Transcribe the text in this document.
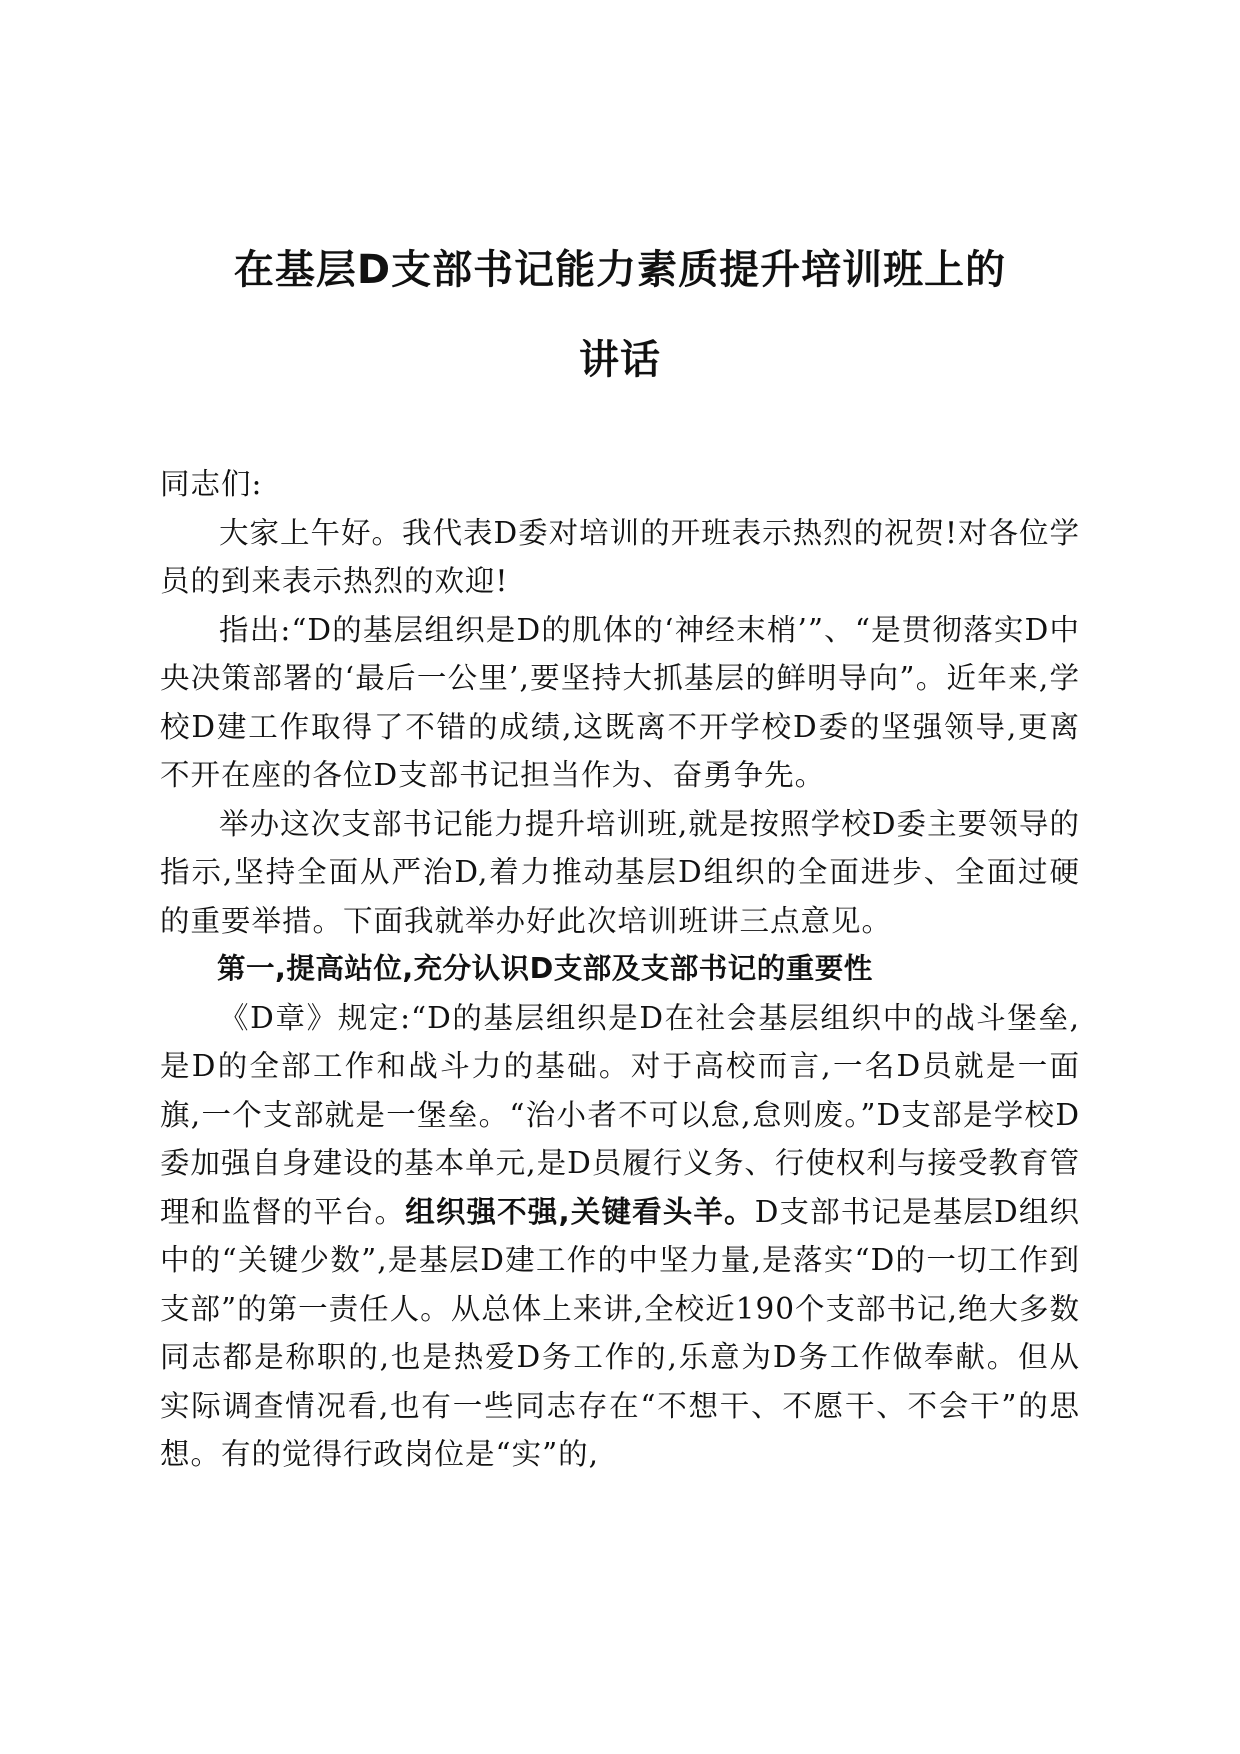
在基层D支部书记能力素质提升培训班上的
讲话

同志们:

大家上午好。我代表D委对培训的开班表示热烈的祝贺!对各位学员的到来表示热烈的欢迎!

指出:“D的基层组织是D的肌体的‘神经末梢’”、“是贯彻落实D中央决策部署的‘最后一公里’,要坚持大抓基层的鲜明导向”。近年来,学校D建工作取得了不错的成绩,这既离不开学校D委的坚强领导,更离不开在座的各位D支部书记担当作为、奋勇争先。

举办这次支部书记能力提升培训班,就是按照学校D委主要领导的指示,坚持全面从严治D,着力推动基层D组织的全面进步、全面过硬的重要举措。下面我就举办好此次培训班讲三点意见。

第一,提高站位,充分认识D支部及支部书记的重要性

《D章》规定:“D的基层组织是D在社会基层组织中的战斗堡垒,是D的全部工作和战斗力的基础。对于高校而言,一名D员就是一面旗,一个支部就是一堡垒。“治小者不可以怠,怠则废。”D支部是学校D委加强自身建设的基本单元,是D员履行义务、行使权利与接受教育管理和监督的平台。组织强不强,关键看头羊。D支部书记是基层D组织中的“关键少数”,是基层D建工作的中坚力量,是落实“D的一切工作到支部”的第一责任人。从总体上来讲,全校近190个支部书记,绝大多数同志都是称职的,也是热爱D务工作的,乐意为D务工作做奉献。但从实际调查情况看,也有一些同志存在“不想干、不愿干、不会干”的思想。有的觉得行政岗位是“实”的,
